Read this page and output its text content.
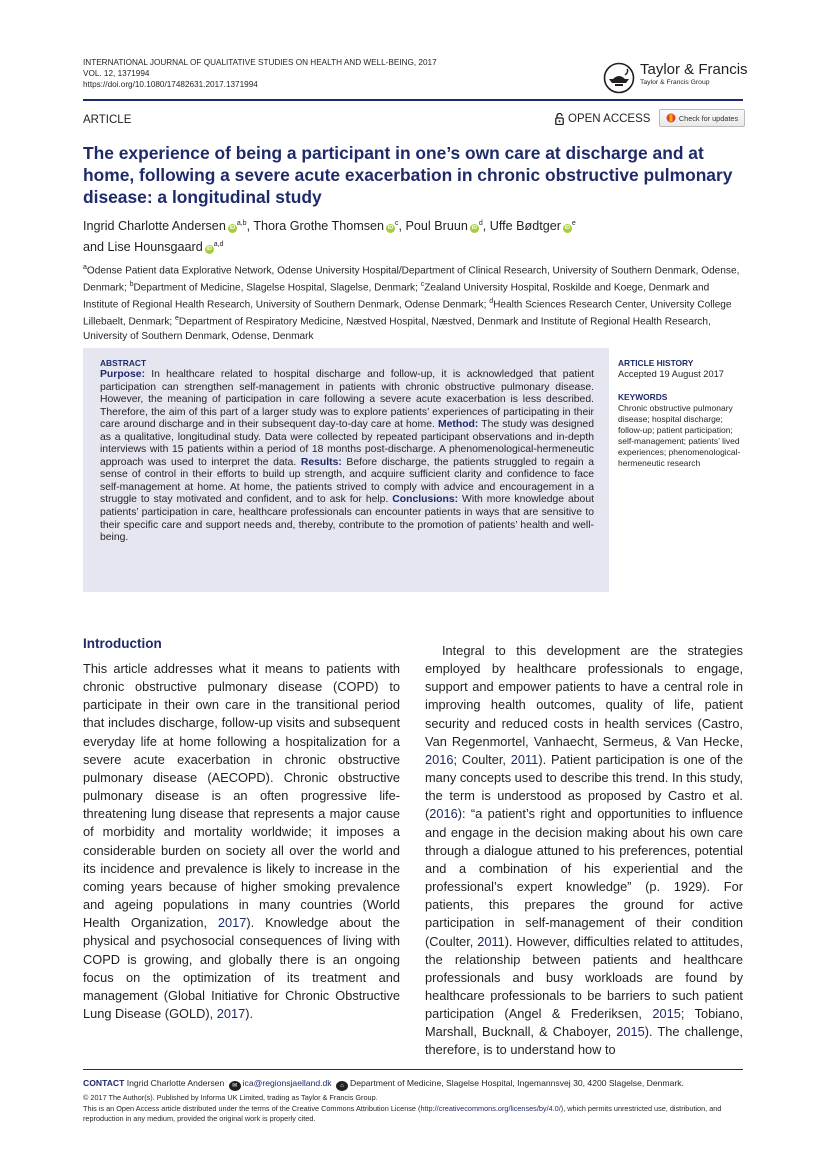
INTERNATIONAL JOURNAL OF QUALITATIVE STUDIES ON HEALTH AND WELL-BEING, 2017
VOL. 12, 1371994
https://doi.org/10.1080/17482631.2017.1371994
Taylor & Francis
Taylor & Francis Group
ARTICLE	OPEN ACCESS	Check for updates
The experience of being a participant in one’s own care at discharge and at home, following a severe acute exacerbation in chronic obstructive pulmonary disease: a longitudinal study
Ingrid Charlotte Andersen iD$^{a,b}$, Thora Grothe Thomsen $iD^c$, Poul Bruun $iD^d$, Uffe Bødtger $iD^e$
and Lise Hounsgaard iD$^{a,d}$
$^a$Odense Patient data Explorative Network, Odense University Hospital/Department of Clinical Research, University of Southern Denmark, Odense, Denmark; $^b$Department of Medicine, Slagelse Hospital, Slagelse, Denmark; $^c$Zealand University Hospital, Roskilde and Koege, Denmark and Institute of Regional Health Research, University of Southern Denmark, Odense Denmark; $^d$Health Sciences Research Center, University College Lillebaelt, Denmark; $^e$Department of Respiratory Medicine, Næstved Hospital, Næstved, Denmark and Institute of Regional Health Research, University of Southern Denmark, Odense, Denmark
ABSTRACT
Purpose: In healthcare related to hospital discharge and follow-up, it is acknowledged that patient participation can strengthen self-management in patients with chronic obstructive pulmonary disease. However, the meaning of participation in care following a severe acute exacerbation is less described. Therefore, the aim of this part of a larger study was to explore patients’ experiences of participating in their care around discharge and in their subsequent day-to-day care at home. Method: The study was designed as a qualitative, longitudinal study. Data were collected by repeated participant observations and in-depth interviews with 15 patients within a period of 18 months post-discharge. A phenomenological-hermeneutic approach was used to interpret the data. Results: Before discharge, the patients struggled to regain a sense of control in their efforts to build up strength, and acquire sufficient clarity and confidence to face self-management at home. At home, the patients strived to comply with advice and encouragement in a struggle to stay motivated and confident, and to ask for help. Conclusions: With more knowledge about patients’ participation in care, healthcare professionals can encounter patients in ways that are sensitive to their specific care and support needs and, thereby, contribute to the promotion of patients’ health and well-being.
ARTICLE HISTORY
Accepted 19 August 2017
KEYWORDS
Chronic obstructive pulmonary disease; hospital discharge; follow-up; patient participation; self-management; patients’ lived experiences; phenomenological-hermeneutic research
Introduction
This article addresses what it means to patients with chronic obstructive pulmonary disease (COPD) to participate in their own care in the transitional period that includes discharge, follow-up visits and subsequent everyday life at home following a hospitalization for a severe acute exacerbation in chronic obstructive pulmonary disease (AECOPD). Chronic obstructive pulmonary disease is an often progressive life-threatening lung disease that represents a major cause of morbidity and mortality worldwide; it imposes a considerable burden on society all over the world and its incidence and prevalence is likely to increase in the coming years because of higher smoking prevalence and ageing populations in many countries (World Health Organization, 2017). Knowledge about the physical and psychosocial consequences of living with COPD is growing, and globally there is an ongoing focus on the optimization of its treatment and management (Global Initiative for Chronic Obstructive Lung Disease (GOLD), 2017).
Integral to this development are the strategies employed by healthcare professionals to engage, support and empower patients to have a central role in improving health outcomes, quality of life, patient security and reduced costs in health services (Castro, Van Regenmortel, Vanhaecht, Sermeus, & Van Hecke, 2016; Coulter, 2011). Patient participation is one of the many concepts used to describe this trend. In this study, the term is understood as proposed by Castro et al. (2016): “a patient’s right and opportunities to influence and engage in the decision making about his own care through a dialogue attuned to his preferences, potential and a combination of his experiential and the professional’s expert knowledge” (p. 1929). For patients, this prepares the ground for active participation in self-management of their condition (Coulter, 2011). However, difficulties related to attitudes, the relationship between patients and healthcare professionals and busy workloads are found by healthcare professionals to be barriers to such patient participation (Angel & Frederiksen, 2015; Tobiano, Marshall, Bucknall, & Chaboyer, 2015). The challenge, therefore, is to understand how to
CONTACT Ingrid Charlotte Andersen ✉ ica@regionsjaelland.dk ⌂ Department of Medicine, Slagelse Hospital, Ingemannsvej 30, 4200 Slagelse, Denmark.
© 2017 The Author(s). Published by Informa UK Limited, trading as Taylor & Francis Group.
This is an Open Access article distributed under the terms of the Creative Commons Attribution License (http://creativecommons.org/licenses/by/4.0/), which permits unrestricted use, distribution, and reproduction in any medium, provided the original work is properly cited.
